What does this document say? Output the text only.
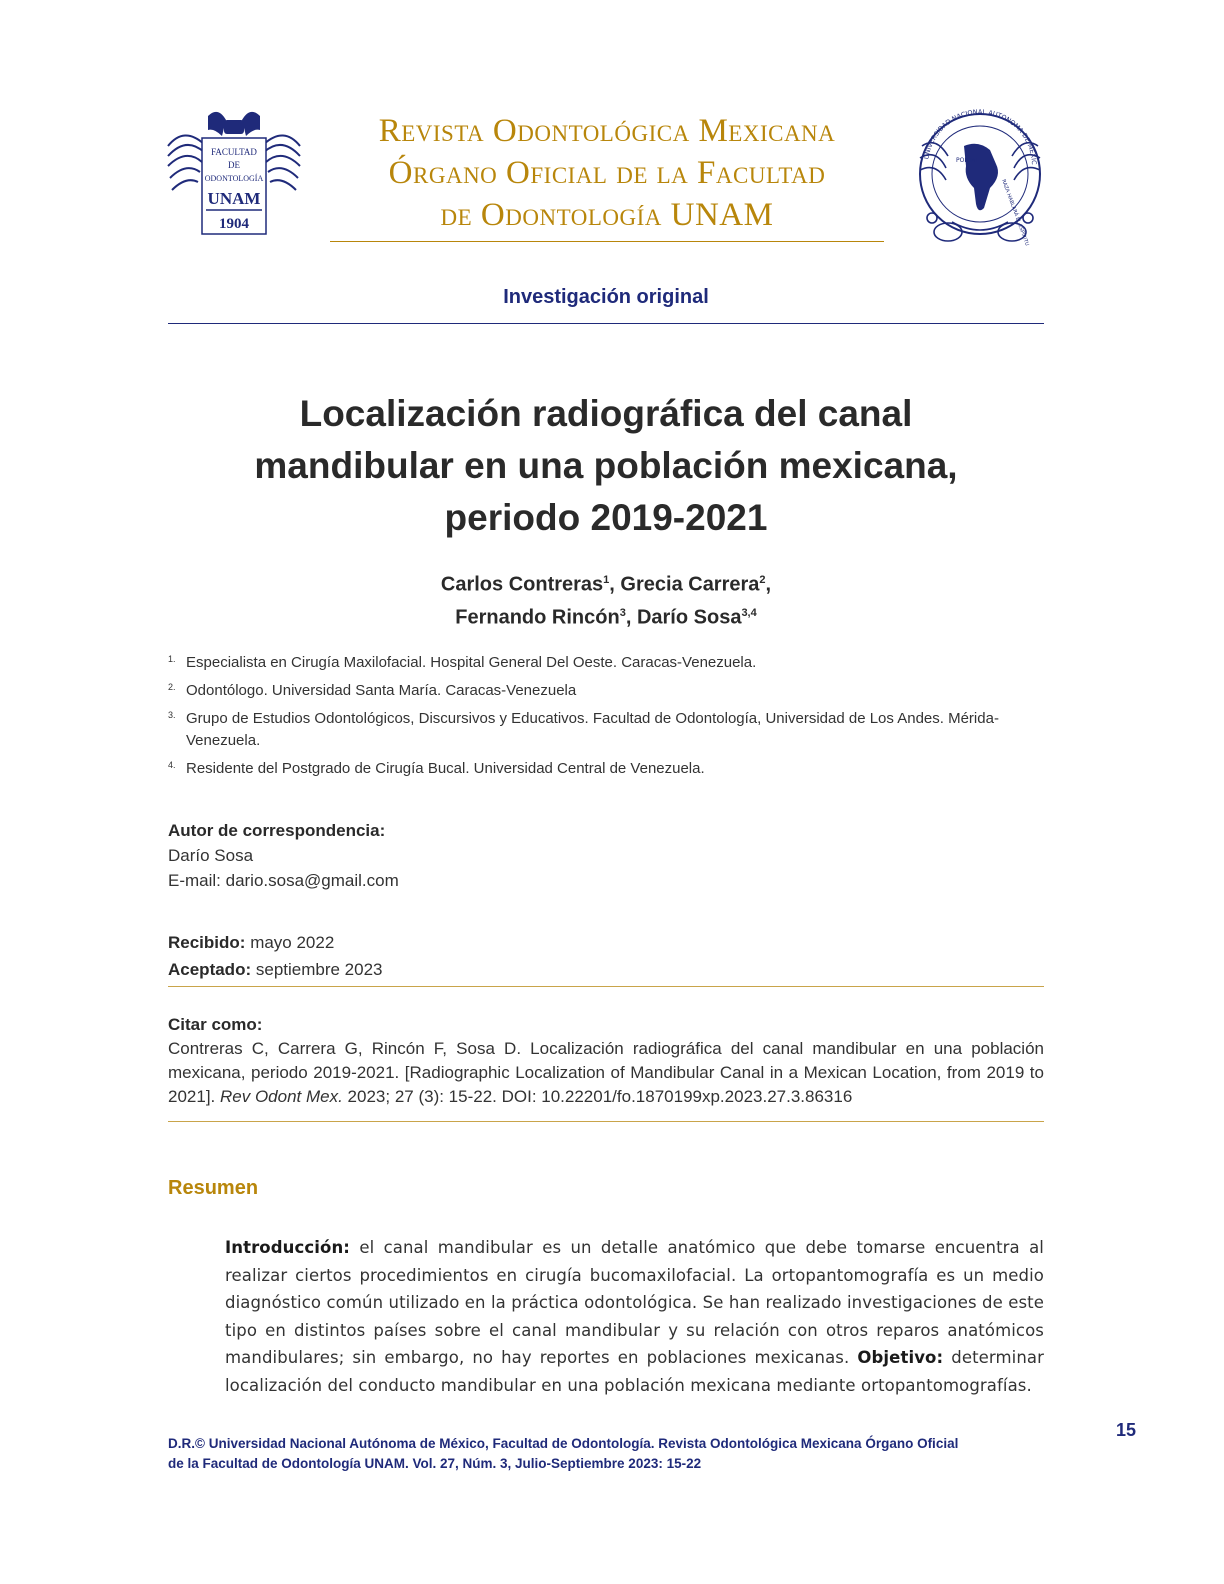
FACULTAD
DE
ODONTOLOGÍA
UNAM
1904
Revista Odontológica Mexicana
Órgano Oficial de la Facultad
de Odontología UNAM
UNIVERSIDAD NACIONAL AUTONOMA DE MEXIC
POR MI
RAZA HABLARÁ EL ESPIRITU
Investigación original
Localización radiográfica del canal
mandibular en una población mexicana,
periodo 2019-2021
Carlos Contreras$^1$, Grecia Carrera$^2$,
Fernando Rincón$^3$, Darío Sosa$^{3,4}$
1. Especialista en Cirugía Maxilofacial. Hospital General Del Oeste. Caracas-Venezuela.
2. Odontólogo. Universidad Santa María. Caracas-Venezuela
3. Grupo de Estudios Odontológicos, Discursivos y Educativos. Facultad de Odontología, Universidad de Los Andes. Mérida-Venezuela.
4. Residente del Postgrado de Cirugía Bucal. Universidad Central de Venezuela.
Autor de correspondencia:
Darío Sosa
E-mail: dario.sosa@gmail.com
Recibido: mayo 2022
Aceptado: septiembre 2023
Citar como:
Contreras C, Carrera G, Rincón F, Sosa D. Localización radiográfica del canal mandibular en una población mexicana, periodo 2019-2021. [Radiographic Localization of Mandibular Canal in a Mexican Location, from 2019 to 2021]. Rev Odont Mex. 2023; 27 (3): 15-22. DOI: 10.22201/fo.1870199xp.2023.27.3.86316
Resumen
Introducción: el canal mandibular es un detalle anatómico que debe tomarse encuentra al realizar ciertos procedimientos en cirugía bucomaxilofacial. La ortopantomografía es un medio diagnóstico común utilizado en la práctica odontológica. Se han realizado investigaciones de este tipo en distintos países sobre el canal mandibular y su relación con otros reparos anatómicos mandibulares; sin embargo, no hay reportes en poblaciones mexicanas. Objetivo: determinar localización del conducto mandibular en una población mexicana mediante ortopantomografías.
D.R.© Universidad Nacional Autónoma de México, Facultad de Odontología. Revista Odontológica Mexicana Órgano Oficial
de la Facultad de Odontología UNAM. Vol. 27, Núm. 3, Julio-Septiembre 2023: 15-22
15
